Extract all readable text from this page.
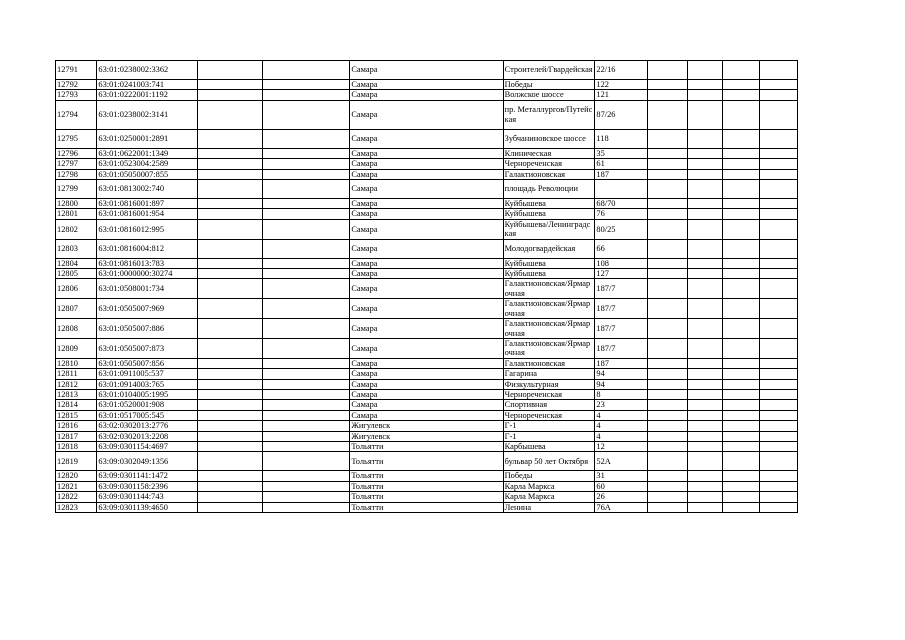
12791	63:01:0238002:3362			Самара	Строителей/Гвардейская	22/16				
12792	63:01:0241003:741			Самара	Победы	122				
12793	63:01:0222001:1192			Самара	Волжское шоссе	121				
12794	63:01:0238002:3141			Самара	пр. Металлургов/Путейская	87/26				
12795	63:01:0250001:2891			Самара	Зубчаниновское шоссе	118				
12796	63:01:0622001:1349			Самара	Клиническая	35				
12797	63:01:0523004:2589			Самара	Чернореченская	61				
12798	63:01:05050007:855			Самара	Галактионовская	187				
12799	63:01:0813002:740			Самара	площадь Революции					
12800	63:01:0816001:897			Самара	Куйбышева	68/70				
12801	63:01:0816001:954			Самара	Куйбышева	76				
12802	63:01:0816012:995			Самара	Куйбышева/Ленинградская	80/25				
12803	63:01:0816004:812			Самара	Молодогвардейская	66				
12804	63:01:0816013:783			Самара	Куйбышева	108				
12805	63:01:0000000:30274			Самара	Куйбышева	127				
12806	63:01:0508001:734			Самара	Галактионовская/Ярмарочная	187/7				
12807	63:01:0505007:969			Самара	Галактионовская/Ярмарочная	187/7				
12808	63:01:0505007:886			Самара	Галактионовская/Ярмарочная	187/7				
12809	63:01:0505007:873			Самара	Галактионовская/Ярмарочная	187/7				
12810	63:01:0505007:856			Самара	Галактионовская	187				
12811	63:01:0911005:537			Самара	Гагарина	94				
12812	63:01:0914003:765			Самара	Физкультурная	94				
12813	63:01:0104005:1995			Самара	Чернореченская	8				
12814	63:01:0520001:908			Самара	Спортивная	23				
12815	63:01:0517005:545			Самара	Чернореченская	4				
12816	63:02:0302013:2776			Жигулевск	Г-1	4				
12817	63:02:0302013:2208			Жигулевск	Г-1	4				
12818	63:09:0301154:4697			Тольятти	Карбышева	12				
12819	63:09:0302049:1356			Тольятти	бульвар 50 лет Октября	52А				
12820	63:09:0301141:1472			Тольятти	Победы	31				
12821	63:09:0301158:2396			Тольятти	Карла Маркса	60				
12822	63:09:0301144:743			Тольятти	Карла Маркса	26				
12823	63:09:0301139:4650			Тольятти	Ленина	76А				
